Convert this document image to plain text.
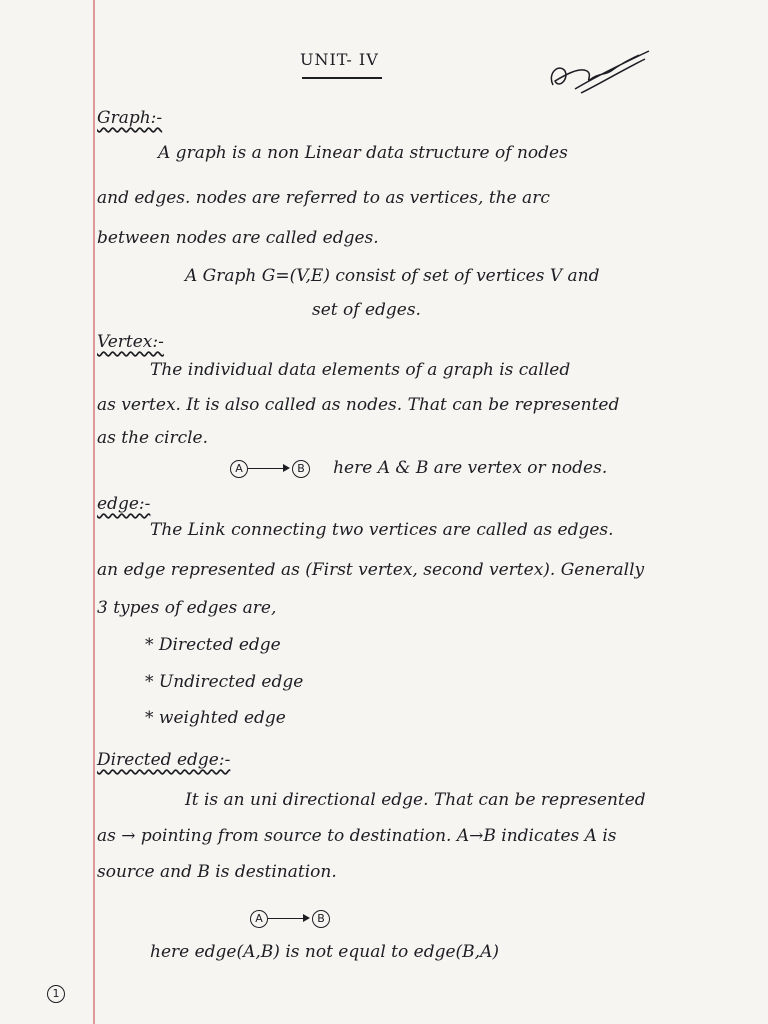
UNIT- IV
Graph:-
A graph is a non Linear data structure of nodes
and edges. nodes are referred to as vertices, the arc
between nodes are called edges.
A Graph G=(V,E) consist of set of vertices V and
set of edges.
Vertex:-
The individual data elements of a graph is called
as vertex. It is also called as nodes. That can be represented
as the circle.
A	B here A & B are vertex or nodes.
edge:-
The Link connecting two vertices are called as edges.
an edge represented as (First vertex, second vertex). Generally
3 types of edges are,
* Directed edge
* Undirected edge
* weighted edge
Directed edge:-
It is an uni directional edge. That can be represented
as → pointing from source to destination. A→B indicates A is
source and B is destination.
A	B
here edge(A,B) is not equal to edge(B,A)
1
